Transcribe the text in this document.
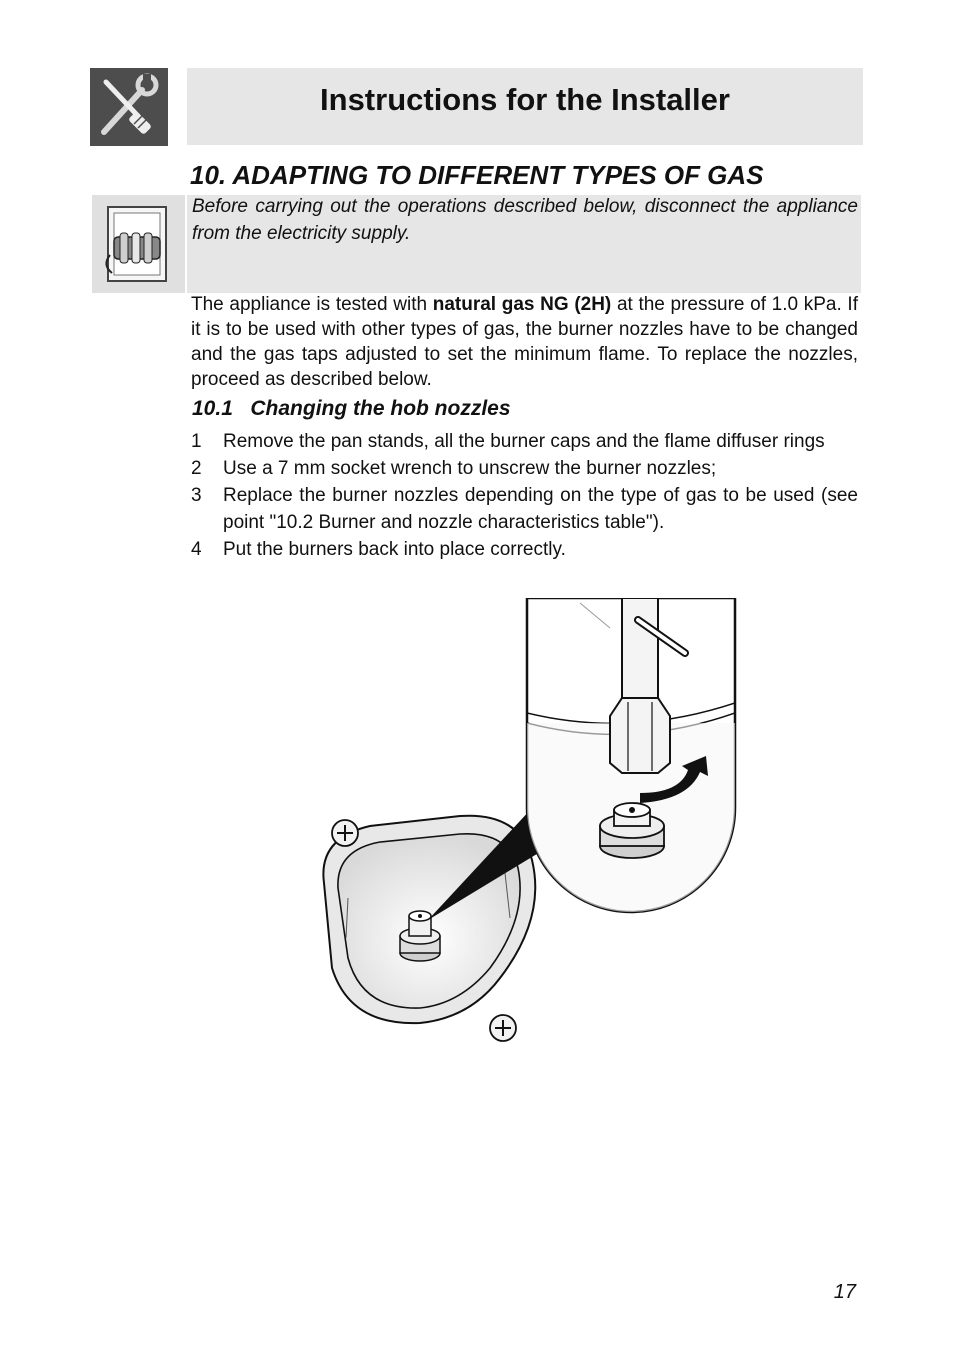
Instructions for the Installer
10. ADAPTING TO DIFFERENT TYPES OF GAS
Before carrying out the operations described below, disconnect the appliance from the electricity supply.
The appliance is tested with natural gas NG (2H) at the pressure of 1.0 kPa. If it is to be used with other types of gas, the burner nozzles have to be changed and the gas taps adjusted to set the minimum flame. To replace the nozzles, proceed as described below.
10.1   Changing the hob nozzles
1	Remove the pan stands, all the burner caps and the flame diffuser rings
2	Use a 7 mm socket wrench to unscrew the burner nozzles;
3	Replace the burner nozzles depending on the type of gas to be used (see point "10.2 Burner and nozzle characteristics table").
4	Put the burners back into place correctly.
17
